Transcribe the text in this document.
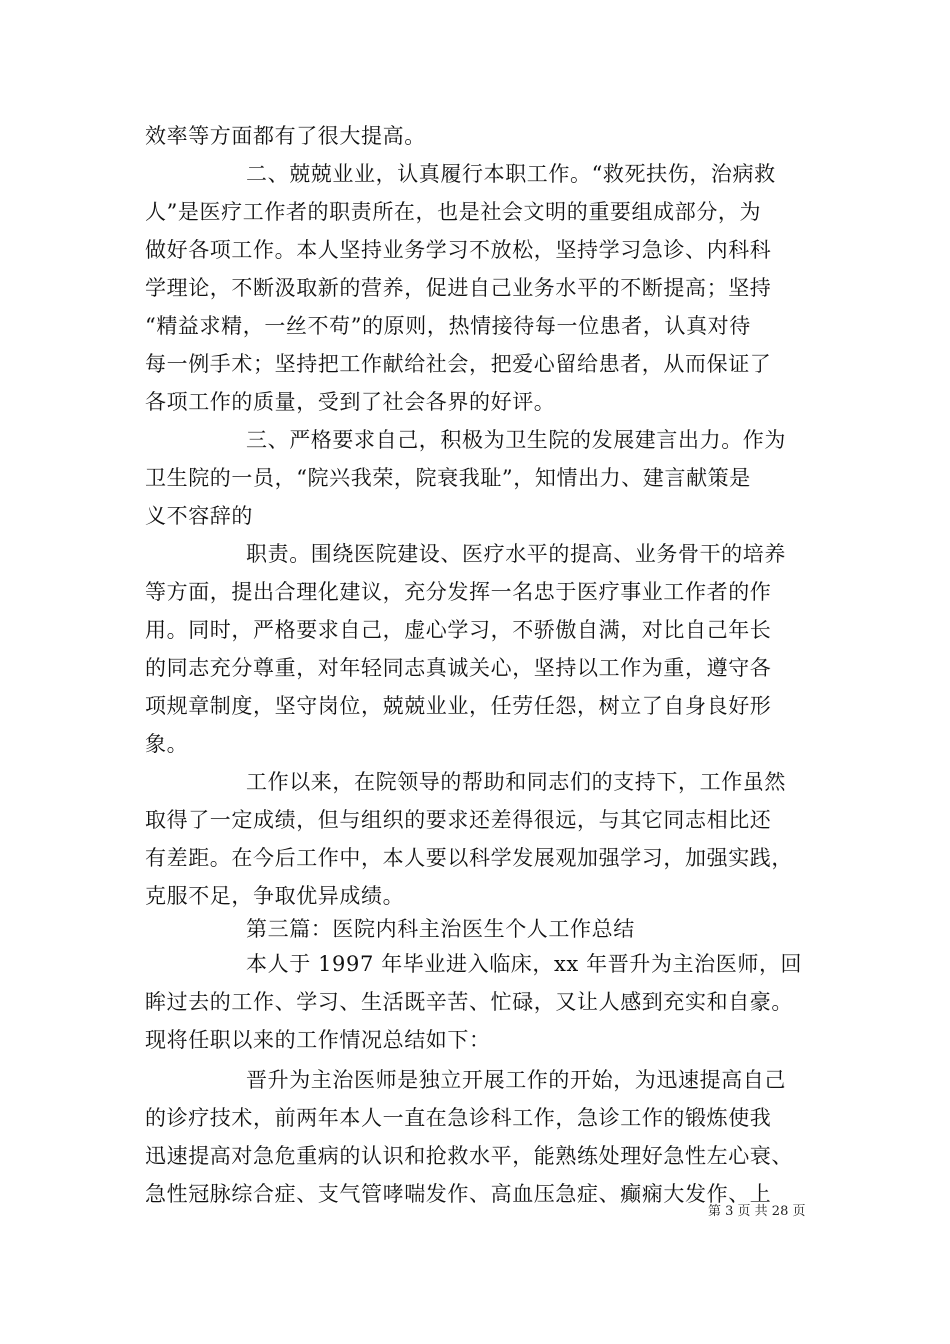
效率等方面都有了很大提高。
二、兢兢业业，认真履行本职工作。“救死扶伤，治病救
人”是医疗工作者的职责所在，也是社会文明的重要组成部分，为
做好各项工作。本人坚持业务学习不放松，坚持学习急诊、内科科
学理论，不断汲取新的营养，促进自己业务水平的不断提高；坚持
“精益求精，一丝不苟”的原则，热情接待每一位患者，认真对待
每一例手术；坚持把工作献给社会，把爱心留给患者，从而保证了
各项工作的质量，受到了社会各界的好评。
三、严格要求自己，积极为卫生院的发展建言出力。作为
卫生院的一员，“院兴我荣，院衰我耻”，知情出力、建言献策是
义不容辞的
职责。围绕医院建设、医疗水平的提高、业务骨干的培养
等方面，提出合理化建议，充分发挥一名忠于医疗事业工作者的作
用。同时，严格要求自己，虚心学习，不骄傲自满，对比自己年长
的同志充分尊重，对年轻同志真诚关心，坚持以工作为重，遵守各
项规章制度，坚守岗位，兢兢业业，任劳任怨，树立了自身良好形
象。
工作以来，在院领导的帮助和同志们的支持下，工作虽然
取得了一定成绩，但与组织的要求还差得很远，与其它同志相比还
有差距。在今后工作中，本人要以科学发展观加强学习，加强实践，
克服不足，争取优异成绩。
第三篇：医院内科主治医生个人工作总结
本人于 1997 年毕业进入临床，xx 年晋升为主治医师，回
眸过去的工作、学习、生活既辛苦、忙碌，又让人感到充实和自豪。
现将任职以来的工作情况总结如下：
晋升为主治医师是独立开展工作的开始，为迅速提高自己
的诊疗技术，前两年本人一直在急诊科工作，急诊工作的锻炼使我
迅速提高对急危重病的认识和抢救水平，能熟练处理好急性左心衰、
急性冠脉综合症、支气管哮喘发作、高血压急症、癫痫大发作、上
第 3 页 共 28 页
